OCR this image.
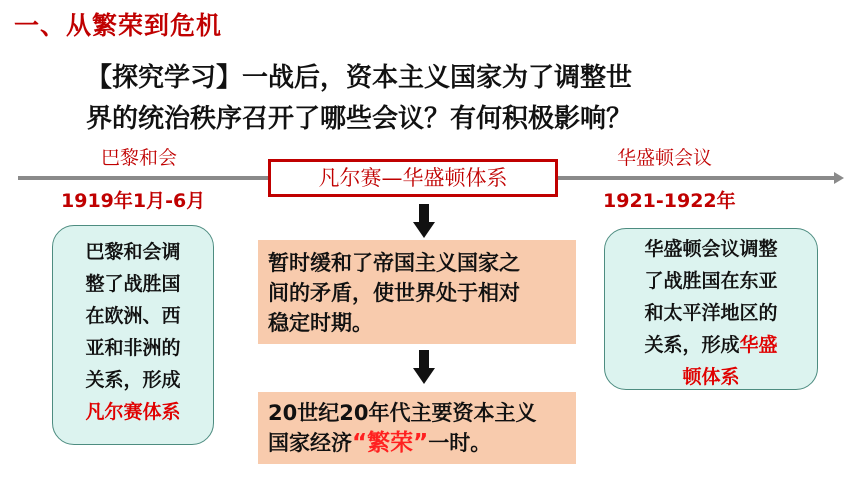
一、从繁荣到危机
【探究学习】一战后，资本主义国家为了调整世
界的统治秩序召开了哪些会议？有何积极影响？
巴黎和会
1919年1月-6月
华盛顿会议
1921-1922年
凡尔赛—华盛顿体系
暂时缓和了帝国主义国家之
间的矛盾，使世界处于相对
稳定时期。
20世纪20年代主要资本主义
国家经济“繁荣”一时。
巴黎和会调
整了战胜国
在欧洲、西
亚和非洲的
关系，形成
凡尔赛体系
华盛顿会议调整
了战胜国在东亚
和太平洋地区的
关系，形成华盛
顿体系
